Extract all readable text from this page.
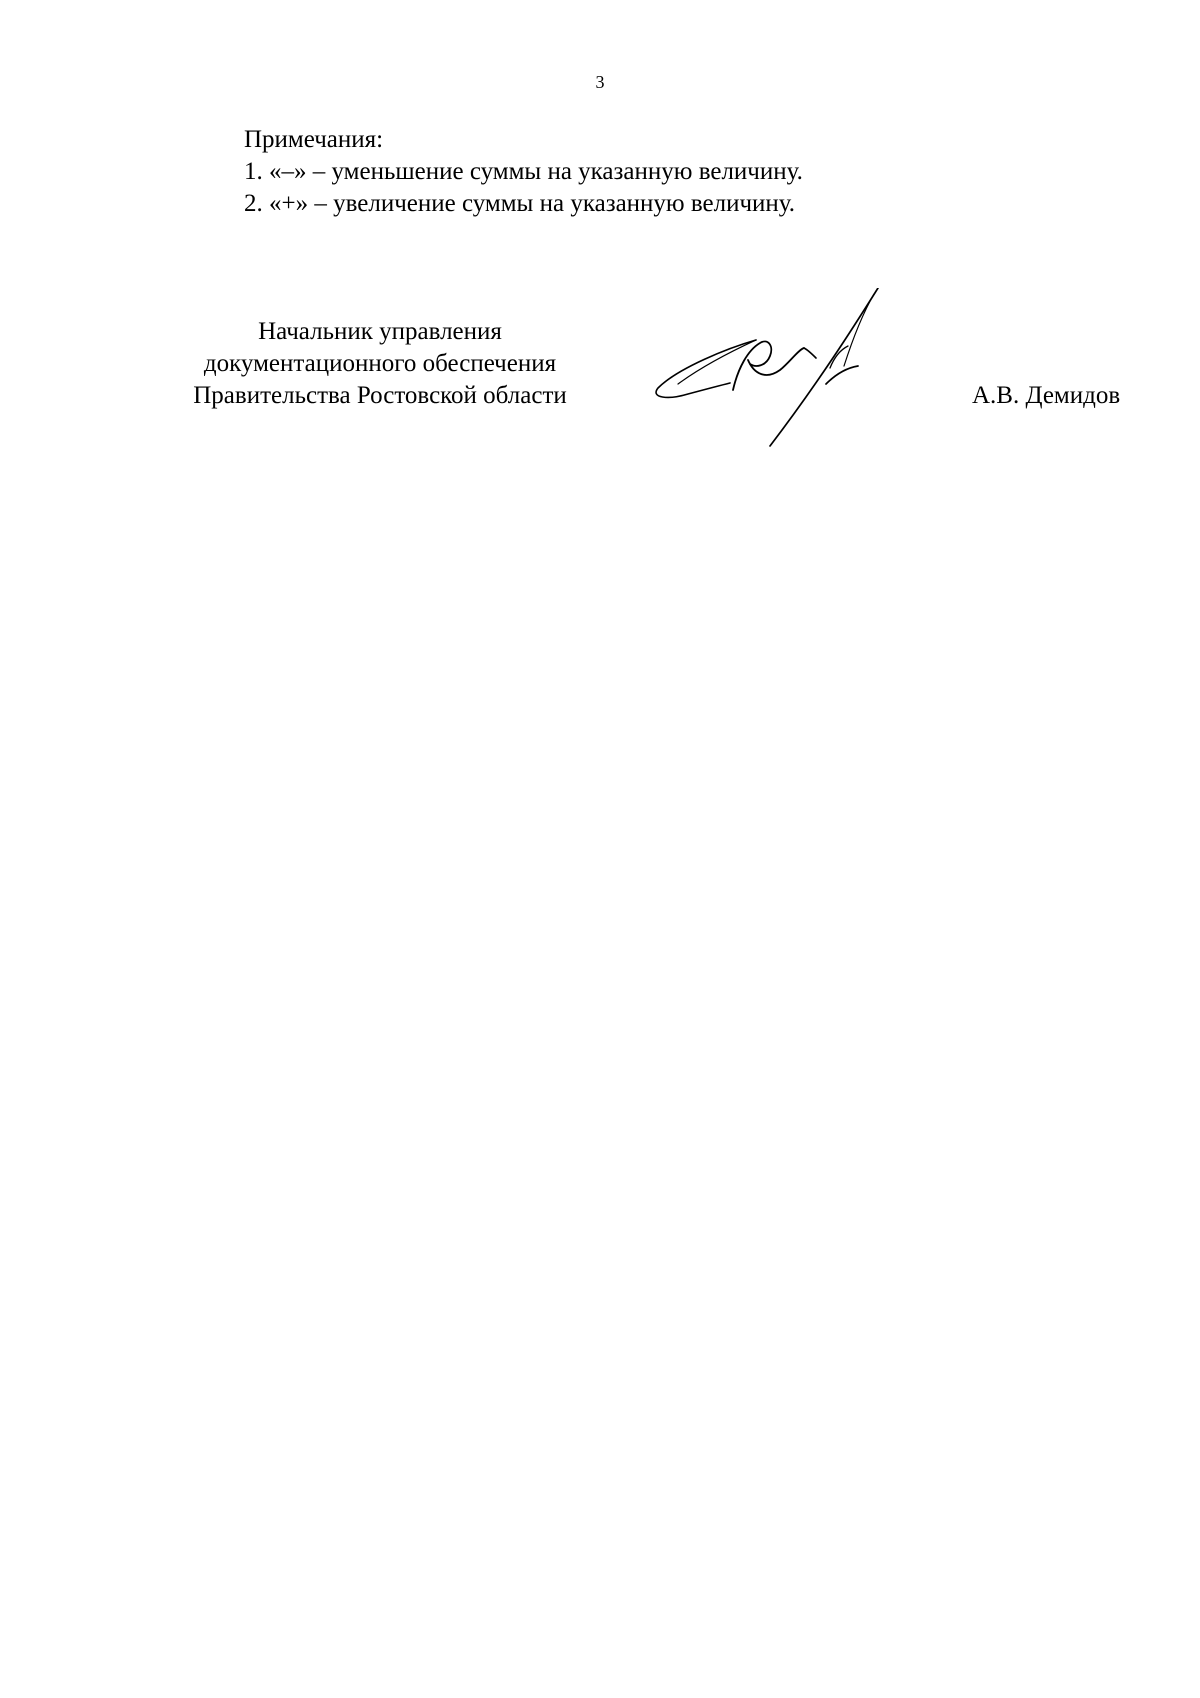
3
Примечания:
1. «–» – уменьшение суммы на указанную величину.
2. «+» – увеличение суммы на указанную величину.
Начальник управления
документационного обеспечения
Правительства Ростовской области	А.В. Демидов
